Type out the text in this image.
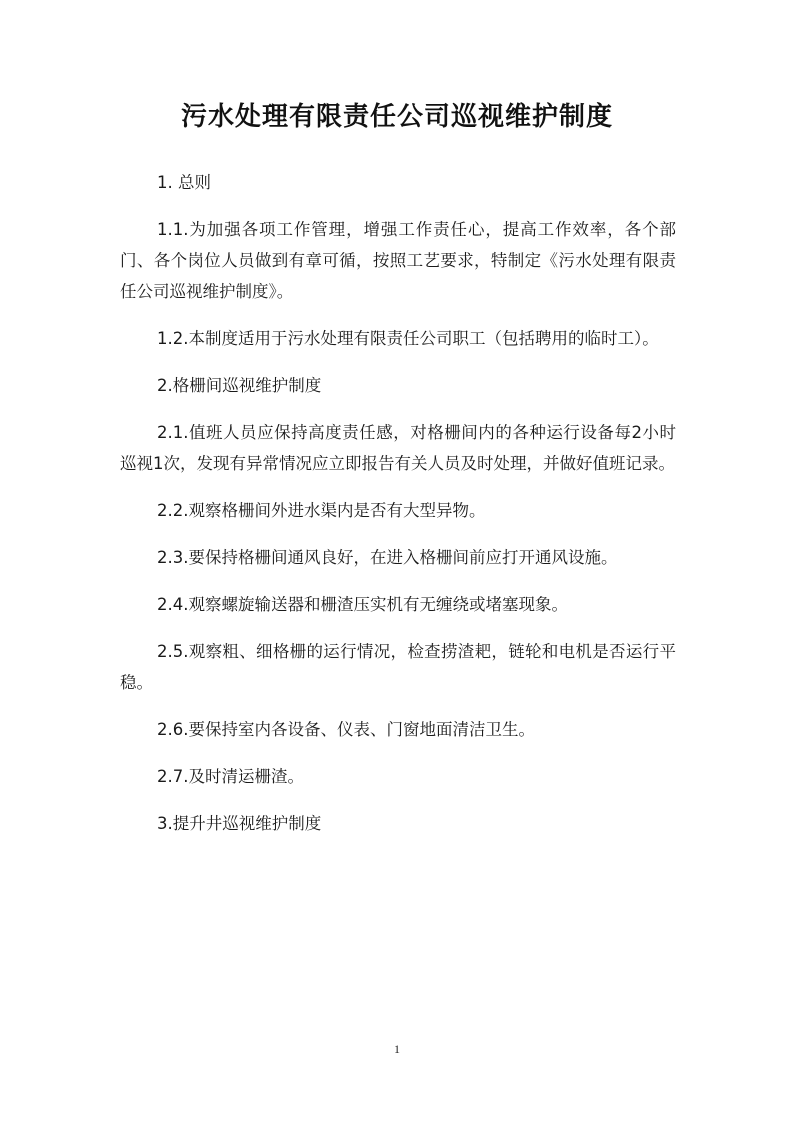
污水处理有限责任公司巡视维护制度

1. 总则

1.1.为加强各项工作管理，增强工作责任心，提高工作效率，各个部门、各个岗位人员做到有章可循，按照工艺要求，特制定《污水处理有限责任公司巡视维护制度》。

1.2.本制度适用于污水处理有限责任公司职工（包括聘用的临时工）。

2.格栅间巡视维护制度

2.1.值班人员应保持高度责任感，对格栅间内的各种运行设备每2小时巡视1次，发现有异常情况应立即报告有关人员及时处理，并做好值班记录。

2.2.观察格栅间外进水渠内是否有大型异物。

2.3.要保持格栅间通风良好，在进入格栅间前应打开通风设施。

2.4.观察螺旋输送器和栅渣压实机有无缠绕或堵塞现象。

2.5.观察粗、细格栅的运行情况，检查捞渣耙，链轮和电机是否运行平稳。

2.6.要保持室内各设备、仪表、门窗地面清洁卫生。

2.7.及时清运栅渣。

3.提升井巡视维护制度

1
